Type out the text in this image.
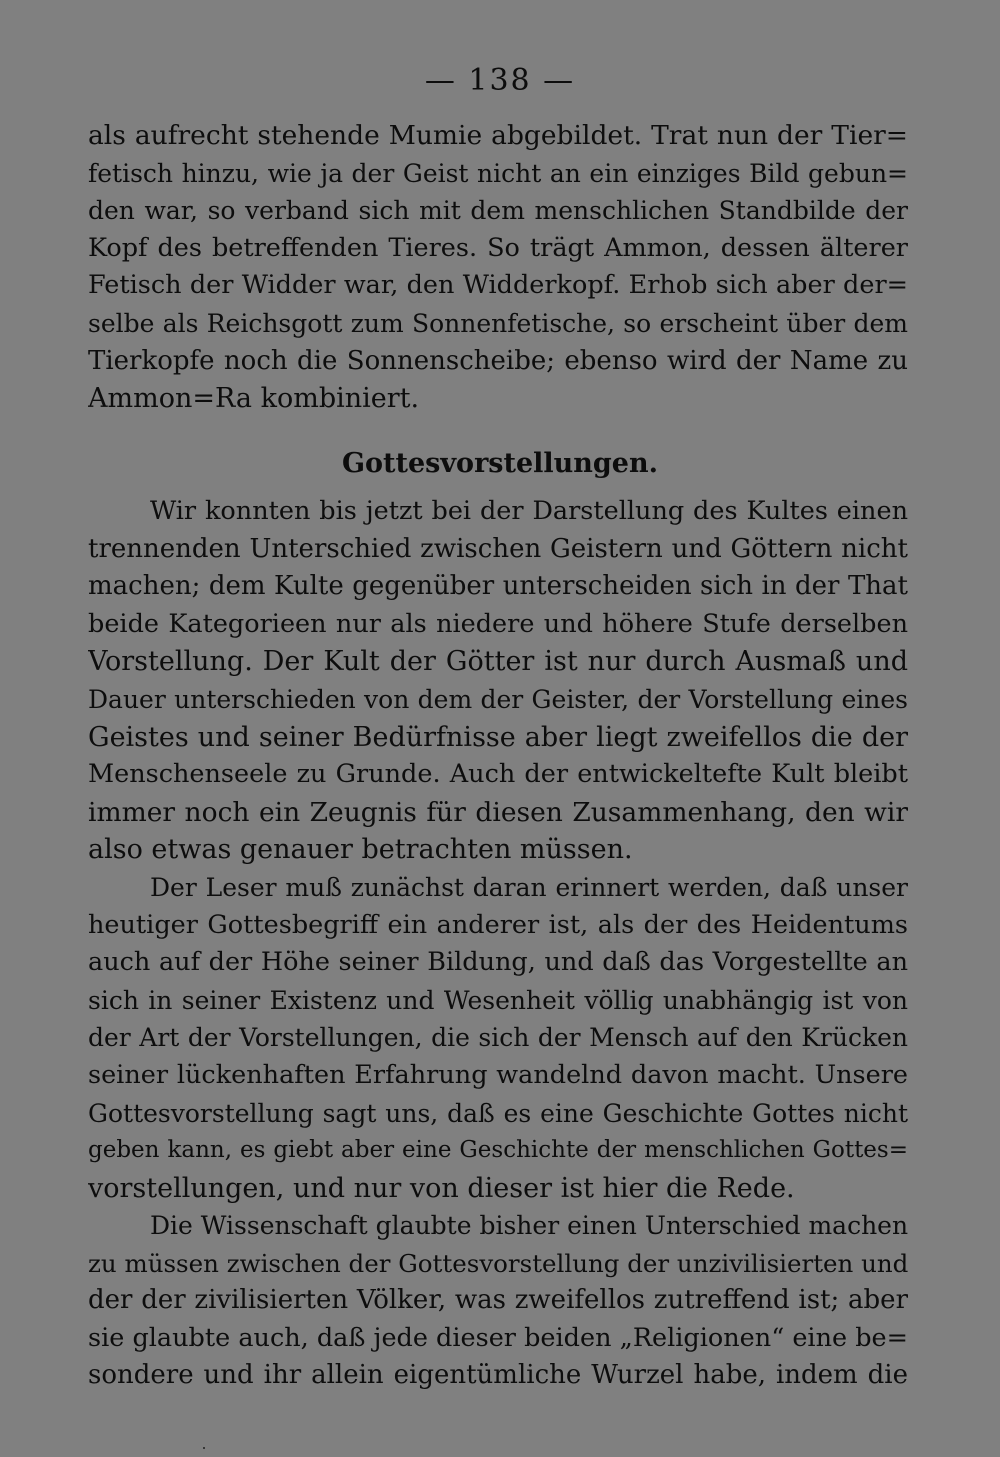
— 138 —
als aufrecht stehende Mumie abgebildet. Trat nun der Tier=
fetisch hinzu, wie ja der Geist nicht an ein einziges Bild gebun=
den war, so verband sich mit dem menschlichen Standbilde der
Kopf des betreffenden Tieres. So trägt Ammon, dessen älterer
Fetisch der Widder war, den Widderkopf. Erhob sich aber der=
selbe als Reichsgott zum Sonnenfetische, so erscheint über dem
Tierkopfe noch die Sonnenscheibe; ebenso wird der Name zu
Ammon=Ra kombiniert.
Gottesvorstellungen.
Wir konnten bis jetzt bei der Darstellung des Kultes einen
trennenden Unterschied zwischen Geistern und Göttern nicht
machen; dem Kulte gegenüber unterscheiden sich in der That
beide Kategorieen nur als niedere und höhere Stufe derselben
Vorstellung. Der Kult der Götter ist nur durch Ausmaß und
Dauer unterschieden von dem der Geister, der Vorstellung eines
Geistes und seiner Bedürfnisse aber liegt zweifellos die der
Menschenseele zu Grunde. Auch der entwickeltefte Kult bleibt
immer noch ein Zeugnis für diesen Zusammenhang, den wir
also etwas genauer betrachten müssen.
Der Leser muß zunächst daran erinnert werden, daß unser
heutiger Gottesbegriff ein anderer ist, als der des Heidentums
auch auf der Höhe seiner Bildung, und daß das Vorgestellte an
sich in seiner Existenz und Wesenheit völlig unabhängig ist von
der Art der Vorstellungen, die sich der Mensch auf den Krücken
seiner lückenhaften Erfahrung wandelnd davon macht. Unsere
Gottesvorstellung sagt uns, daß es eine Geschichte Gottes nicht
geben kann, es giebt aber eine Geschichte der menschlichen Gottes=
vorstellungen, und nur von dieser ist hier die Rede.
Die Wissenschaft glaubte bisher einen Unterschied machen
zu müssen zwischen der Gottesvorstellung der unzivilisierten und
der der zivilisierten Völker, was zweifellos zutreffend ist; aber
sie glaubte auch, daß jede dieser beiden „Religionen“ eine be=
sondere und ihr allein eigentümliche Wurzel habe, indem die
